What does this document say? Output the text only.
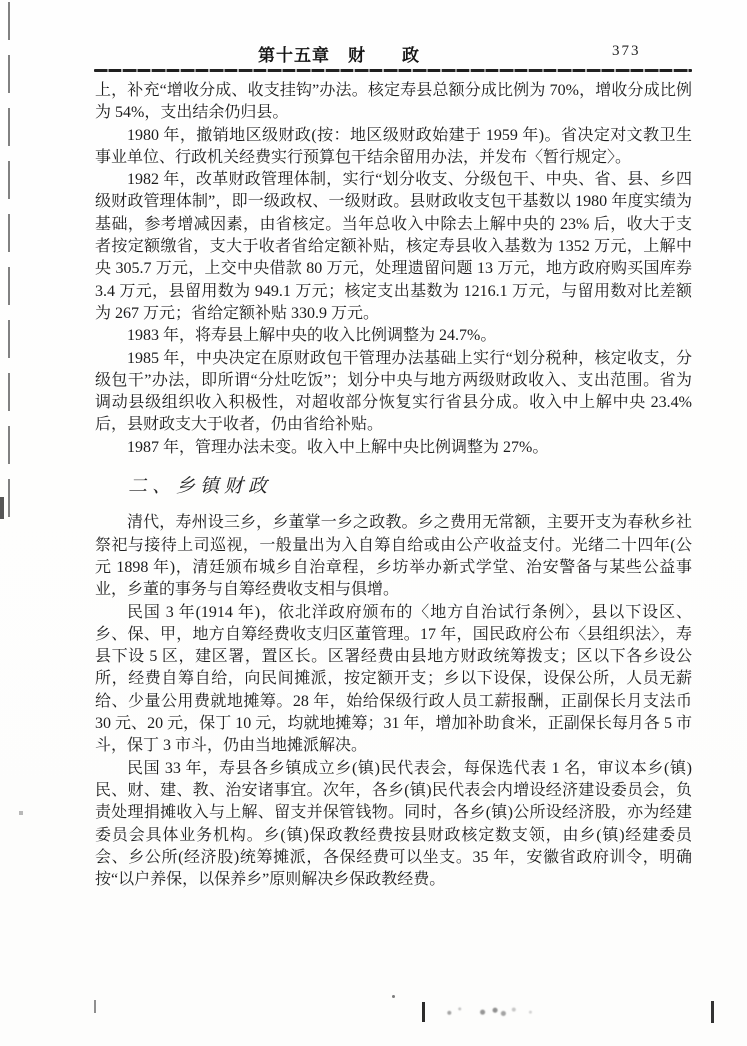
第十五章　财　　政	373

上，补充“增收分成、收支挂钩”办法。核定寿县总额分成比例为 70%，增收分成比例为 54%，支出结余仍归县。

1980 年，撤销地区级财政(按：地区级财政始建于 1959 年)。省决定对文教卫生事业单位、行政机关经费实行预算包干结余留用办法，并发布〈暂行规定〉。

1982 年，改革财政管理体制，实行“划分收支、分级包干、中央、省、县、乡四级财政管理体制”，即一级政权、一级财政。县财政收支包干基数以 1980 年度实绩为基础，参考增减因素，由省核定。当年总收入中除去上解中央的 23% 后，收大于支者按定额缴省，支大于收者省给定额补贴，核定寿县收入基数为 1352 万元，上解中央 305.7 万元，上交中央借款 80 万元，处理遗留问题 13 万元，地方政府购买国库券 3.4 万元，县留用数为 949.1 万元；核定支出基数为 1216.1 万元，与留用数对比差额为 267 万元；省给定额补贴 330.9 万元。

1983 年，将寿县上解中央的收入比例调整为 24.7%。

1985 年，中央决定在原财政包干管理办法基础上实行“划分税种，核定收支，分级包干”办法，即所谓“分灶吃饭”；划分中央与地方两级财政收入、支出范围。省为调动县级组织收入积极性，对超收部分恢复实行省县分成。收入中上解中央 23.4% 后，县财政支大于收者，仍由省给补贴。

1987 年，管理办法未变。收入中上解中央比例调整为 27%。

二、乡镇财政

清代，寿州设三乡，乡董掌一乡之政教。乡之费用无常额，主要开支为春秋乡社祭祀与接待上司巡视，一般量出为入自筹自给或由公产收益支付。光绪二十四年(公元 1898 年)，清廷颁布城乡自治章程，乡坊举办新式学堂、治安警备与某些公益事业，乡董的事务与自筹经费收支相与俱增。

民国 3 年(1914 年)，依北洋政府颁布的〈地方自治试行条例〉，县以下设区、乡、保、甲，地方自筹经费收支归区董管理。17 年，国民政府公布〈县组织法〉，寿县下设 5 区，建区署，置区长。区署经费由县地方财政统筹拨支；区以下各乡设公所，经费自筹自给，向民间摊派，按定额开支；乡以下设保，设保公所，人员无薪给、少量公用费就地摊筹。28 年，始给保级行政人员工薪报酬，正副保长月支法币 30 元、20 元，保丁 10 元，均就地摊筹；31 年，增加补助食米，正副保长每月各 5 市斗，保丁 3 市斗，仍由当地摊派解决。

民国 33 年，寿县各乡镇成立乡(镇)民代表会，每保选代表 1 名，审议本乡(镇)民、财、建、教、治安诸事宜。次年，各乡(镇)民代表会内增设经济建设委员会，负责处理捐摊收入与上解、留支并保管钱物。同时，各乡(镇)公所设经济股，亦为经建委员会具体业务机构。乡(镇)保政教经费按县财政核定数支领，由乡(镇)经建委员会、乡公所(经济股)统筹摊派，各保经费可以坐支。35 年，安徽省政府训令，明确按“以户养保，以保养乡”原则解决乡保政教经费。
